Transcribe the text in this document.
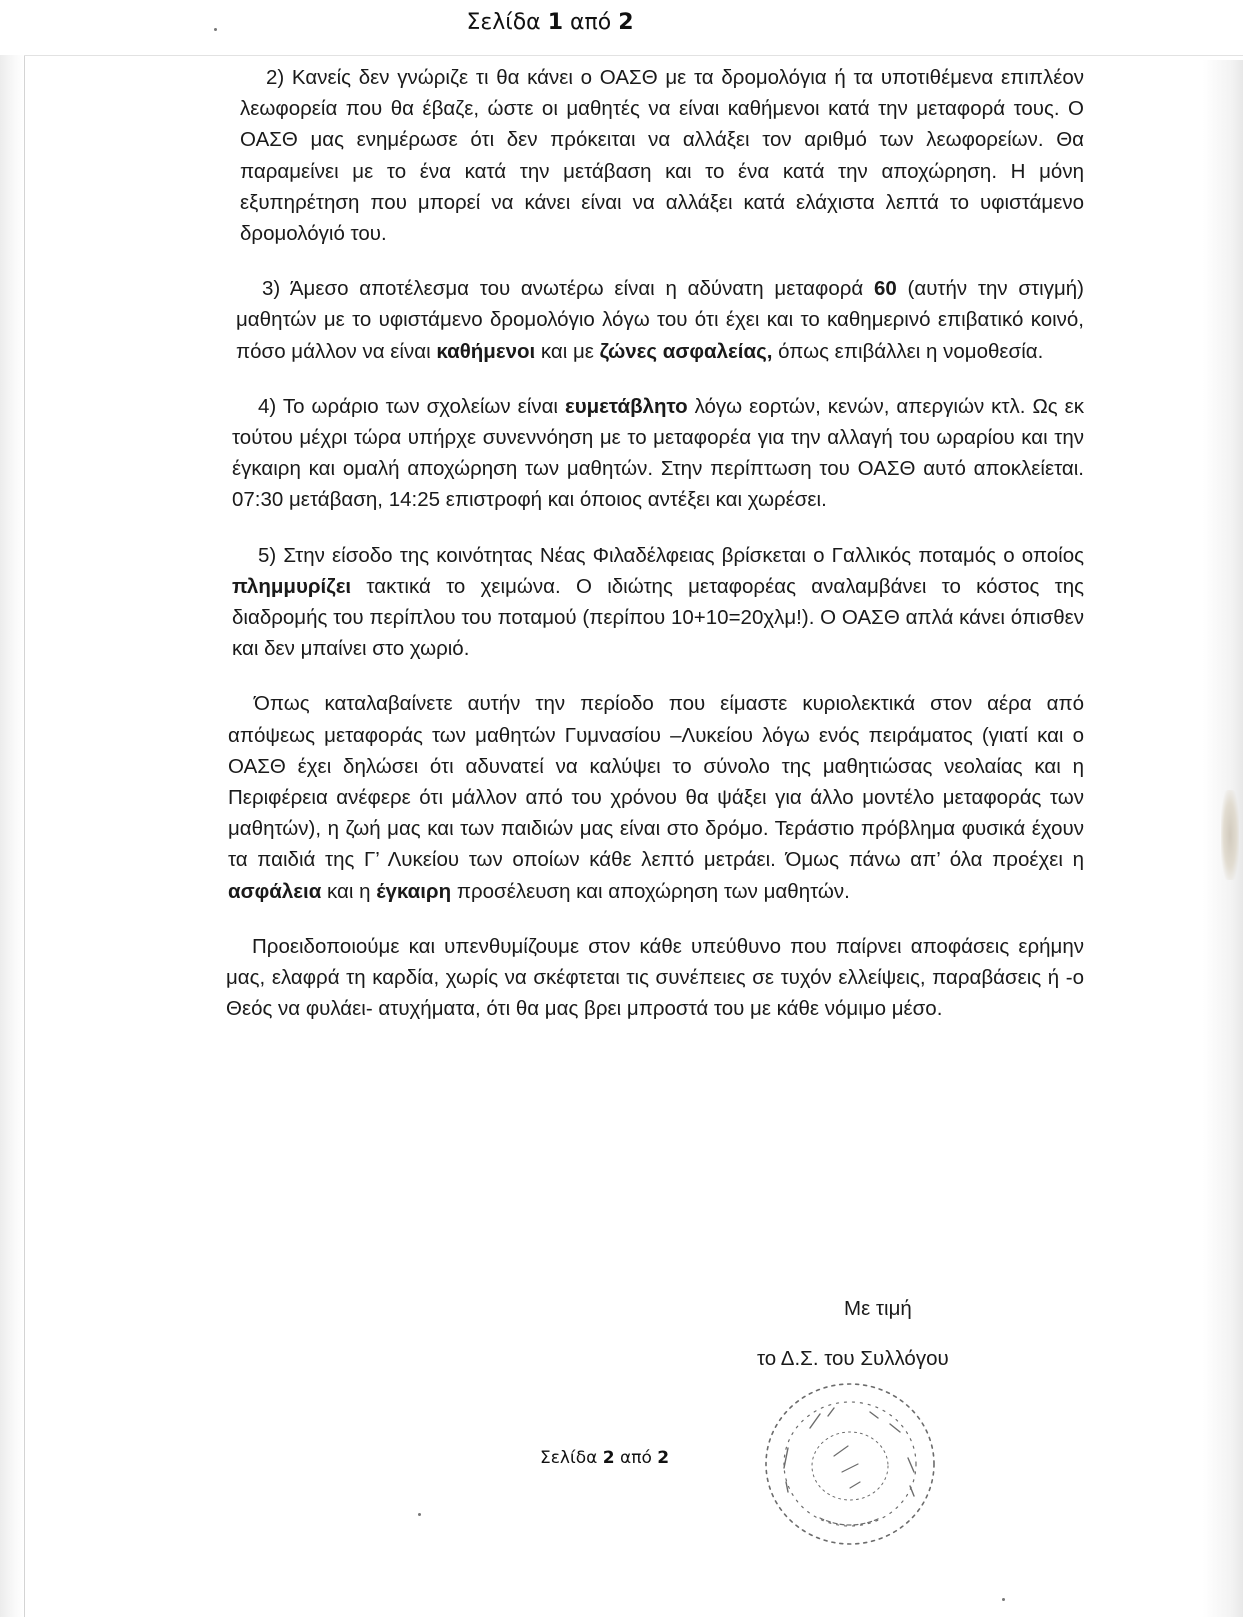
Σελίδα 1 από 2

2) Κανείς δεν γνώριζε τι θα κάνει ο ΟΑΣΘ με τα δρομολόγια ή τα υποτιθέμενα επιπλέον λεωφορεία που θα έβαζε, ώστε οι μαθητές να είναι καθήμενοι κατά την μεταφορά τους. Ο ΟΑΣΘ μας ενημέρωσε ότι δεν πρόκειται να αλλάξει τον αριθμό των λεωφορείων. Θα παραμείνει με το ένα κατά την μετάβαση και το ένα κατά την αποχώρηση. Η μόνη εξυπηρέτηση που μπορεί να κάνει είναι να αλλάξει κατά ελάχιστα λεπτά το υφιστάμενο δρομολόγιό του.

3) Άμεσο αποτέλεσμα του ανωτέρω είναι η αδύνατη μεταφορά 60 (αυτήν την στιγμή) μαθητών με το υφιστάμενο δρομολόγιο λόγω του ότι έχει και το καθημερινό επιβατικό κοινό, πόσο μάλλον να είναι καθήμενοι και με ζώνες ασφαλείας, όπως επιβάλλει η νομοθεσία.

4) Το ωράριο των σχολείων είναι ευμετάβλητο λόγω εορτών, κενών, απεργιών κτλ. Ως εκ τούτου μέχρι τώρα υπήρχε συνεννόηση με το μεταφορέα για την αλλαγή του ωραρίου και την έγκαιρη και ομαλή αποχώρηση των μαθητών. Στην περίπτωση του ΟΑΣΘ αυτό αποκλείεται. 07:30 μετάβαση, 14:25 επιστροφή και όποιος αντέξει και χωρέσει.

5) Στην είσοδο της κοινότητας Νέας Φιλαδέλφειας βρίσκεται ο Γαλλικός ποταμός ο οποίος πλημμυρίζει τακτικά το χειμώνα. Ο ιδιώτης μεταφορέας αναλαμβάνει το κόστος της διαδρομής του περίπλου του ποταμού (περίπου 10+10=20χλμ!). Ο ΟΑΣΘ απλά κάνει όπισθεν και δεν μπαίνει στο χωριό.

Όπως καταλαβαίνετε αυτήν την περίοδο που είμαστε κυριολεκτικά στον αέρα από απόψεως μεταφοράς των μαθητών Γυμνασίου –Λυκείου λόγω ενός πειράματος (γιατί και ο ΟΑΣΘ έχει δηλώσει ότι αδυνατεί να καλύψει το σύνολο της μαθητιώσας νεολαίας και η Περιφέρεια ανέφερε ότι μάλλον από του χρόνου θα ψάξει για άλλο μοντέλο μεταφοράς των μαθητών), η ζωή μας και των παιδιών μας είναι στο δρόμο. Τεράστιο πρόβλημα φυσικά έχουν τα παιδιά της Γ’ Λυκείου των οποίων κάθε λεπτό μετράει. Όμως πάνω απ’ όλα προέχει η ασφάλεια και η έγκαιρη προσέλευση και αποχώρηση των μαθητών.

Προειδοποιούμε και υπενθυμίζουμε στον κάθε υπεύθυνο που παίρνει αποφάσεις ερήμην μας, ελαφρά τη καρδία, χωρίς να σκέφτεται τις συνέπειες σε τυχόν ελλείψεις, παραβάσεις ή -ο Θεός να φυλάει- ατυχήματα, ότι θα μας βρει μπροστά του με κάθε νόμιμο μέσο.

Με τιμή
το Δ.Σ. του Συλλόγου
Σελίδα 2 από 2
